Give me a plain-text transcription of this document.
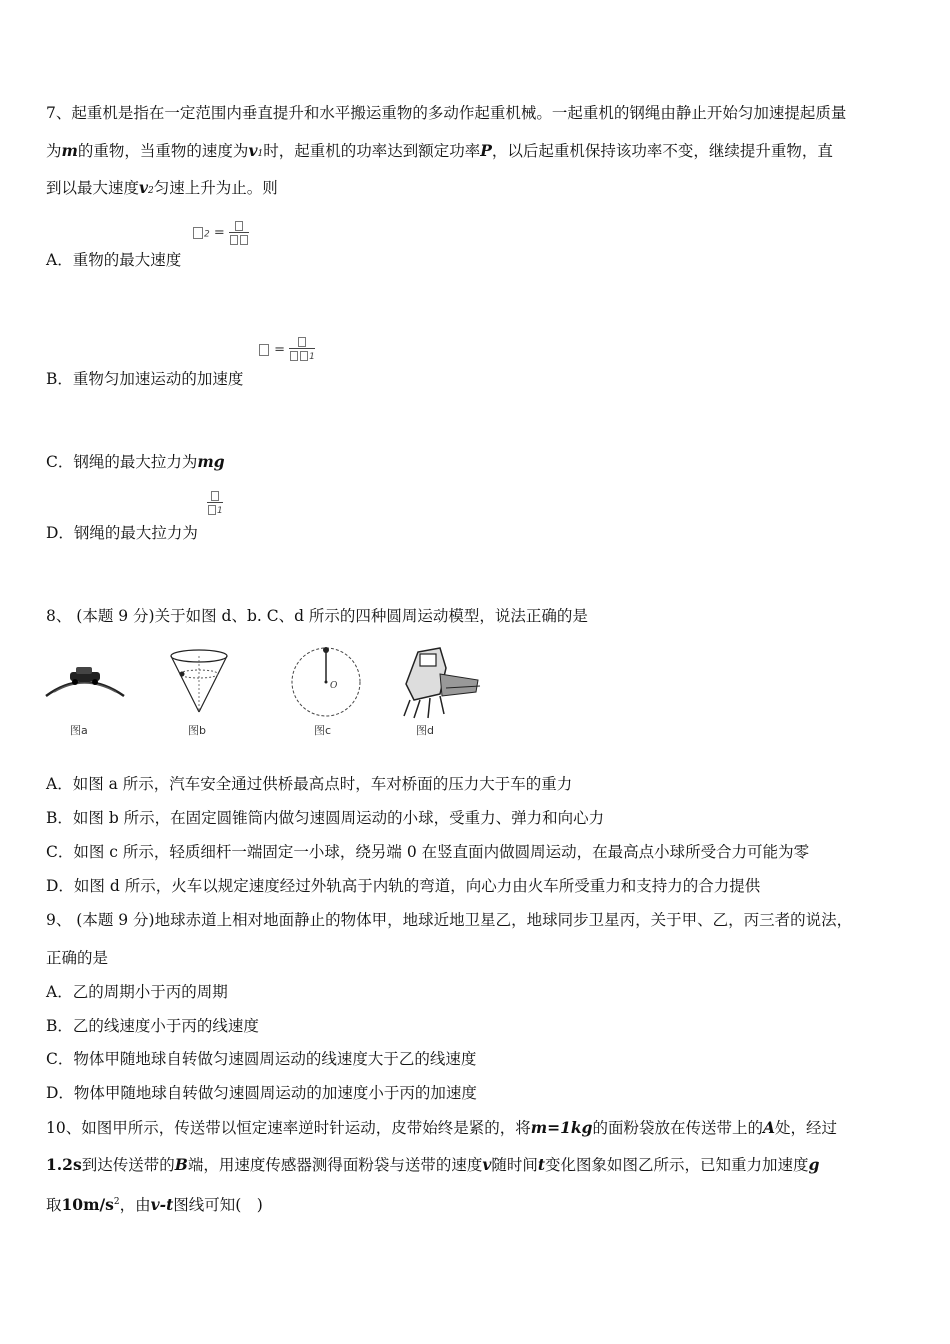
7、起重机是指在一定范围内垂直提升和水平搬运重物的多动作起重机械。一起重机的钢绳由静止开始匀加速提起质量
为m的重物，当重物的速度为v1时，起重机的功率达到额定功率P，以后起重机保持该功率不变，继续提升重物，直
到以最大速度v2匀速上升为止。则
2 =
A．重物的最大速度
=	1
B．重物匀加速运动的加速度
C．钢绳的最大拉力为mg
1
D．钢绳的最大拉力为
8、 (本题 9 分)关于如图 d、b. C、d 所示的四种圆周运动模型，说法正确的是
图a	图b
O
图c	图d
A．如图 a 所示，汽车安全通过供桥最高点时，车对桥面的压力大于车的重力
B．如图 b 所示，在固定圆锥筒内做匀速圆周运动的小球，受重力、弹力和向心力
C．如图 c 所示，轻质细杆一端固定一小球，绕另端 0 在竖直面内做圆周运动，在最高点小球所受合力可能为零
D．如图 d 所示，火车以规定速度经过外轨高于内轨的弯道，向心力由火车所受重力和支持力的合力提供
9、 (本题 9 分)地球赤道上相对地面静止的物体甲，地球近地卫星乙，地球同步卫星丙，关于甲、乙，丙三者的说法，
正确的是
A．乙的周期小于丙的周期
B．乙的线速度小于丙的线速度
C．物体甲随地球自转做匀速圆周运动的线速度大于乙的线速度
D．物体甲随地球自转做匀速圆周运动的加速度小于丙的加速度
10、如图甲所示，传送带以恒定速率逆时针运动，皮带始终是紧的，将m=1kg的面粉袋放在传送带上的A处，经过
1.2s到达传送带的B端，用速度传感器测得面粉袋与送带的速度v随时间t变化图象如图乙所示，已知重力加速度g
取$10m/s^2$，由v-t图线可知(　)
